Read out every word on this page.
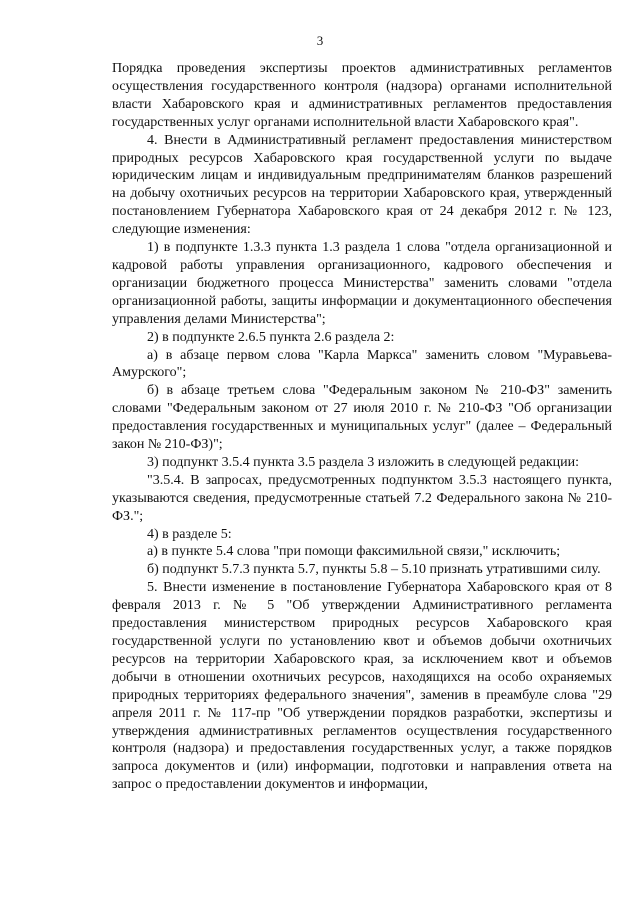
3

Порядка проведения экспертизы проектов административных регламентов осуществления государственного контроля (надзора) органами исполнительной власти Хабаровского края и административных регламентов предоставления государственных услуг органами исполнительной власти Хабаровского края".

4. Внести в Административный регламент предоставления министерством природных ресурсов Хабаровского края государственной услуги по выдаче юридическим лицам и индивидуальным предпринимателям бланков разрешений на добычу охотничьих ресурсов на территории Хабаровского края, утвержденный постановлением Губернатора Хабаровского края от 24 декабря 2012 г. № 123, следующие изменения:

1) в подпункте 1.3.3 пункта 1.3 раздела 1 слова "отдела организационной и кадровой работы управления организационного, кадрового обеспечения и организации бюджетного процесса Министерства" заменить словами "отдела организационной работы, защиты информации и документационного обеспечения управления делами Министерства";

2) в подпункте 2.6.5 пункта 2.6 раздела 2:

а) в абзаце первом слова "Карла Маркса" заменить словом "Муравьева-Амурского";

б) в абзаце третьем слова "Федеральным законом № 210-ФЗ" заменить словами "Федеральным законом от 27 июля 2010 г. № 210-ФЗ "Об организации предоставления государственных и муниципальных услуг" (далее – Федеральный закон № 210-ФЗ)";

3) подпункт 3.5.4 пункта 3.5 раздела 3 изложить в следующей редакции:

"3.5.4. В запросах, предусмотренных подпунктом 3.5.3 настоящего пункта, указываются сведения, предусмотренные статьей 7.2 Федерального закона № 210-ФЗ.";

4) в разделе 5:

а) в пункте 5.4 слова "при помощи факсимильной связи," исключить;

б) подпункт 5.7.3 пункта 5.7, пункты 5.8 – 5.10 признать утратившими силу.

5. Внести изменение в постановление Губернатора Хабаровского края от 8 февраля 2013 г. № 5 "Об утверждении Административного регламента предоставления министерством природных ресурсов Хабаровского края государственной услуги по установлению квот и объемов добычи охотничьих ресурсов на территории Хабаровского края, за исключением квот и объемов добычи в отношении охотничьих ресурсов, находящихся на особо охраняемых природных территориях федерального значения", заменив в преамбуле слова "29 апреля 2011 г. № 117-пр "Об утверждении порядков разработки, экспертизы и утверждения административных регламентов осуществления государственного контроля (надзора) и предоставления государственных услуг, а также порядков запроса документов и (или) информации, подготовки и направления ответа на запрос о предоставлении документов и информации,
